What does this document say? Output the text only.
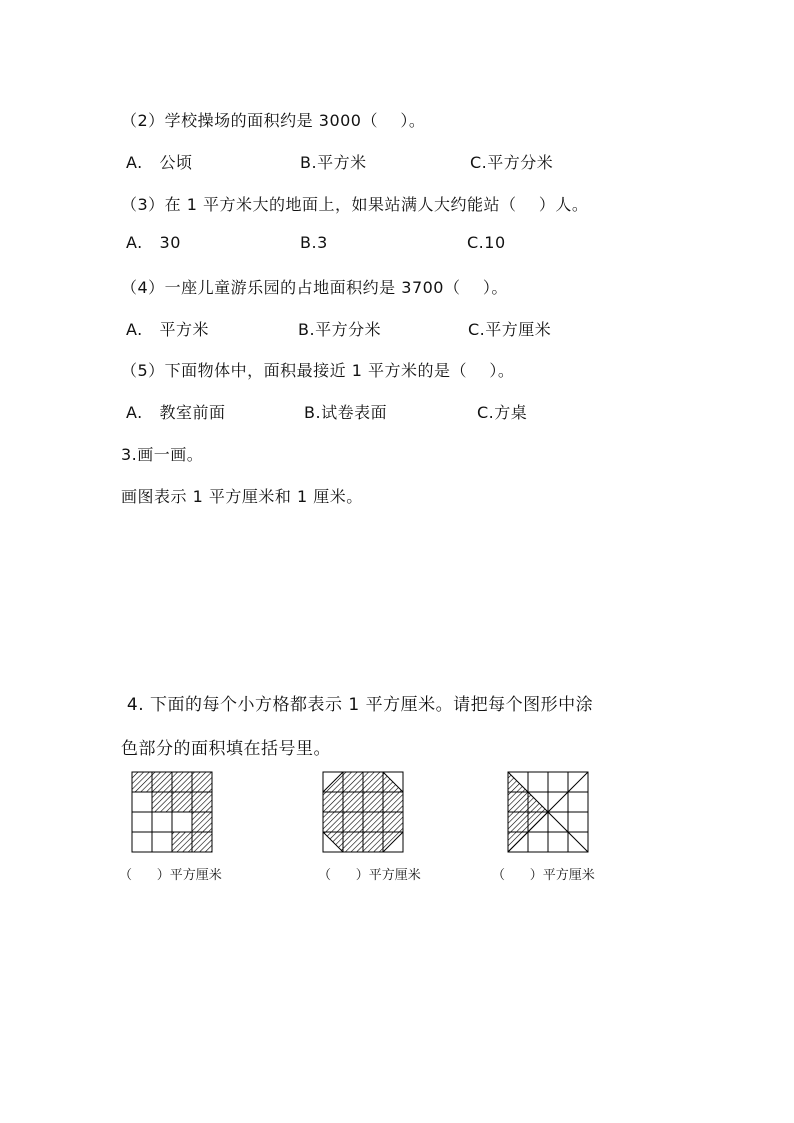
（2）学校操场的面积约是 3000（    ）。
A.   公顷	B.平方米	C.平方分米
（3）在 1 平方米大的地面上，如果站满人大约能站（    ）人。
A.   30	B.3	C.10
（4）一座儿童游乐园的占地面积约是 3700（    ）。
A.   平方米	B.平方分米	C.平方厘米
（5）下面物体中，面积最接近 1 平方米的是（    ）。
A.   教室前面	B.试卷表面	C.方桌
3.画一画。
画图表示 1 平方厘米和 1 厘米。
4. 下面的每个小方格都表示 1 平方厘米。请把每个图形中涂
色部分的面积填在括号里。
（      ）平方厘米	（      ）平方厘米	（      ）平方厘米
